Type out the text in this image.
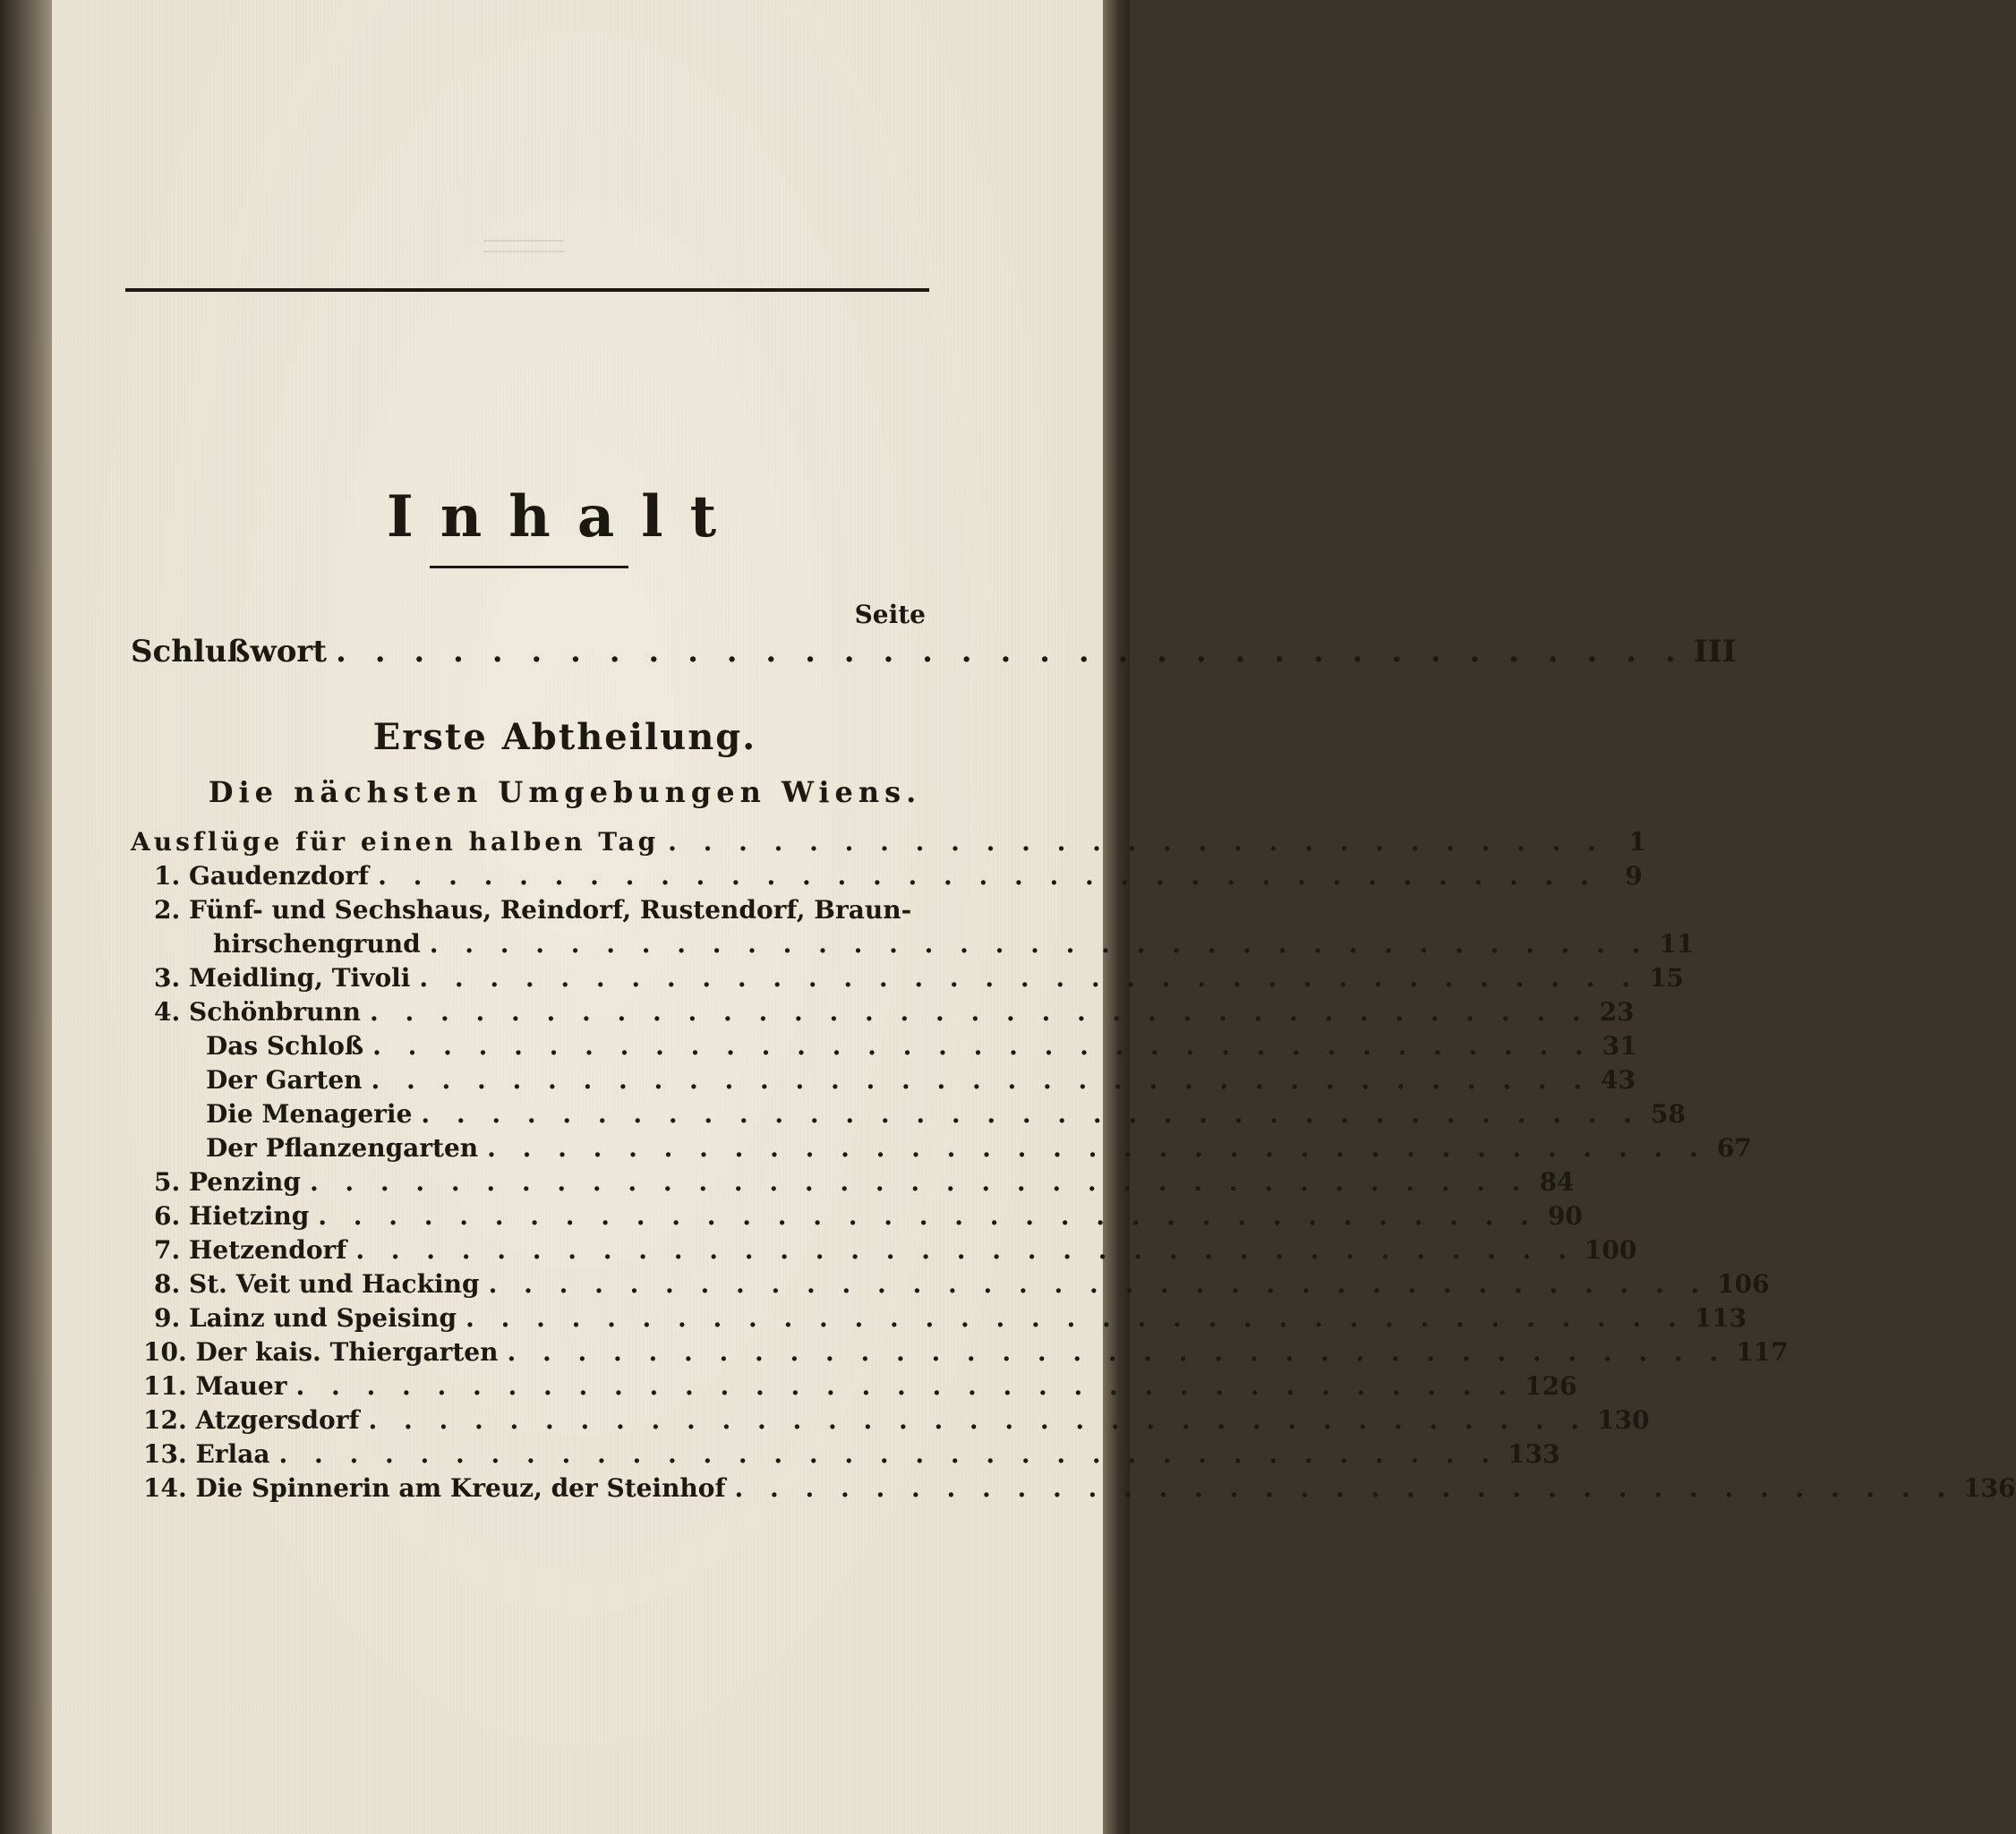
Inhalt
Seite
Schlußwort . . . . . . . . . . . . . . . . . . . . . . . . . . . . . . . . . . . III
Erste Abtheilung.
Die nächsten Umgebungen Wiens.
Ausflüge für einen halben Tag . . . . . . . . . . . . . . . . . . . . . . . . . . . 1
1. Gaudenzdorf . . . . . . . . . . . . . . . . . . . . . . . . . . . . . . . . . . .	9
2. Fünf- und Sechshaus, Reindorf, Rustendorf, Braun-
hirschengrund . . . . . . . . . . . . . . . . . . . . . . . . . . . . . . . . . . . 11
3. Meidling, Tivoli . . . . . . . . . . . . . . . . . . . . . . . . . . . . . . . . . . . 15
4. Schönbrunn . . . . . . . . . . . . . . . . . . . . . . . . . . . . . . . . . . . 23
Das Schloß . . . . . . . . . . . . . . . . . . . . . . . . . . . . . . . . . . . 31
Der Garten . . . . . . . . . . . . . . . . . . . . . . . . . . . . . . . . . . . 43
Die Menagerie . . . . . . . . . . . . . . . . . . . . . . . . . . . . . . . . . . . 58
Der Pflanzengarten . . . . . . . . . . . . . . . . . . . . . . . . . . . . . . . . . . . 67
5. Penzing . . . . . . . . . . . . . . . . . . . . . . . . . . . . . . . . . . . 84
6. Hietzing . . . . . . . . . . . . . . . . . . . . . . . . . . . . . . . . . . . 90
7. Hetzendorf . . . . . . . . . . . . . . . . . . . . . . . . . . . . . . . . . . . 100
8. St. Veit und Hacking . . . . . . . . . . . . . . . . . . . . . . . . . . . . . . . . . . . 106
9. Lainz und Speising . . . . . . . . . . . . . . . . . . . . . . . . . . . . . . . . . . . 113
10. Der kais. Thiergarten . . . . . . . . . . . . . . . . . . . . . . . . . . . . . . . . . . . 117
11. Mauer . . . . . . . . . . . . . . . . . . . . . . . . . . . . . . . . . . . 126
12. Atzgersdorf . . . . . . . . . . . . . . . . . . . . . . . . . . . . . . . . . . . 130
13. Erlaa . . . . . . . . . . . . . . . . . . . . . . . . . . . . . . . . . . . 133
14. Die Spinnerin am Kreuz, der Steinhof . . . . . . . . . . . . . . . . . . . . . . . . . . . . . . . . . . . 136
